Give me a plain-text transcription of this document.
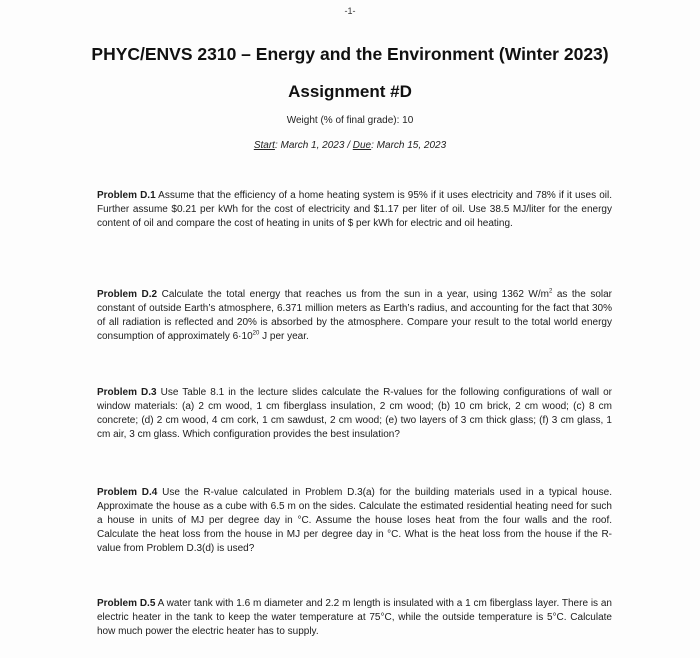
-1-
PHYC/ENVS 2310 – Energy and the Environment (Winter 2023)
Assignment #D
Weight (% of final grade): 10
Start: March 1, 2023 / Due: March 15, 2023
Problem D.1 Assume that the efficiency of a home heating system is 95% if it uses electricity and 78% if it uses oil. Further assume $0.21 per kWh for the cost of electricity and $1.17 per liter of oil. Use 38.5 MJ/liter for the energy content of oil and compare the cost of heating in units of $ per kWh for electric and oil heating.
Problem D.2 Calculate the total energy that reaches us from the sun in a year, using 1362 $W/m^2$ as the solar constant of outside Earth’s atmosphere, 6.371 million meters as Earth’s radius, and accounting for the fact that 30% of all radiation is reflected and 20% is absorbed by the atmosphere. Compare your result to the total world energy consumption of approximately $6\cdot 10^{20}$ J per year.
Problem D.3 Use Table 8.1 in the lecture slides calculate the R-values for the following configurations of wall or window materials: (a) 2 cm wood, 1 cm fiberglass insulation, 2 cm wood; (b) 10 cm brick, 2 cm wood; (c) 8 cm concrete; (d) 2 cm wood, 4 cm cork, 1 cm sawdust, 2 cm wood; (e) two layers of 3 cm thick glass; (f) 3 cm glass, 1 cm air, 3 cm glass. Which configuration provides the best insulation?
Problem D.4 Use the R-value calculated in Problem D.3(a) for the building materials used in a typical house. Approximate the house as a cube with 6.5 m on the sides. Calculate the estimated residential heating need for such a house in units of MJ per degree day in °C. Assume the house loses heat from the four walls and the roof. Calculate the heat loss from the house in MJ per degree day in °C. What is the heat loss from the house if the R-value from Problem D.3(d) is used?
Problem D.5 A water tank with 1.6 m diameter and 2.2 m length is insulated with a 1 cm fiberglass layer. There is an electric heater in the tank to keep the water temperature at 75°C, while the outside temperature is 5°C. Calculate how much power the electric heater has to supply.
